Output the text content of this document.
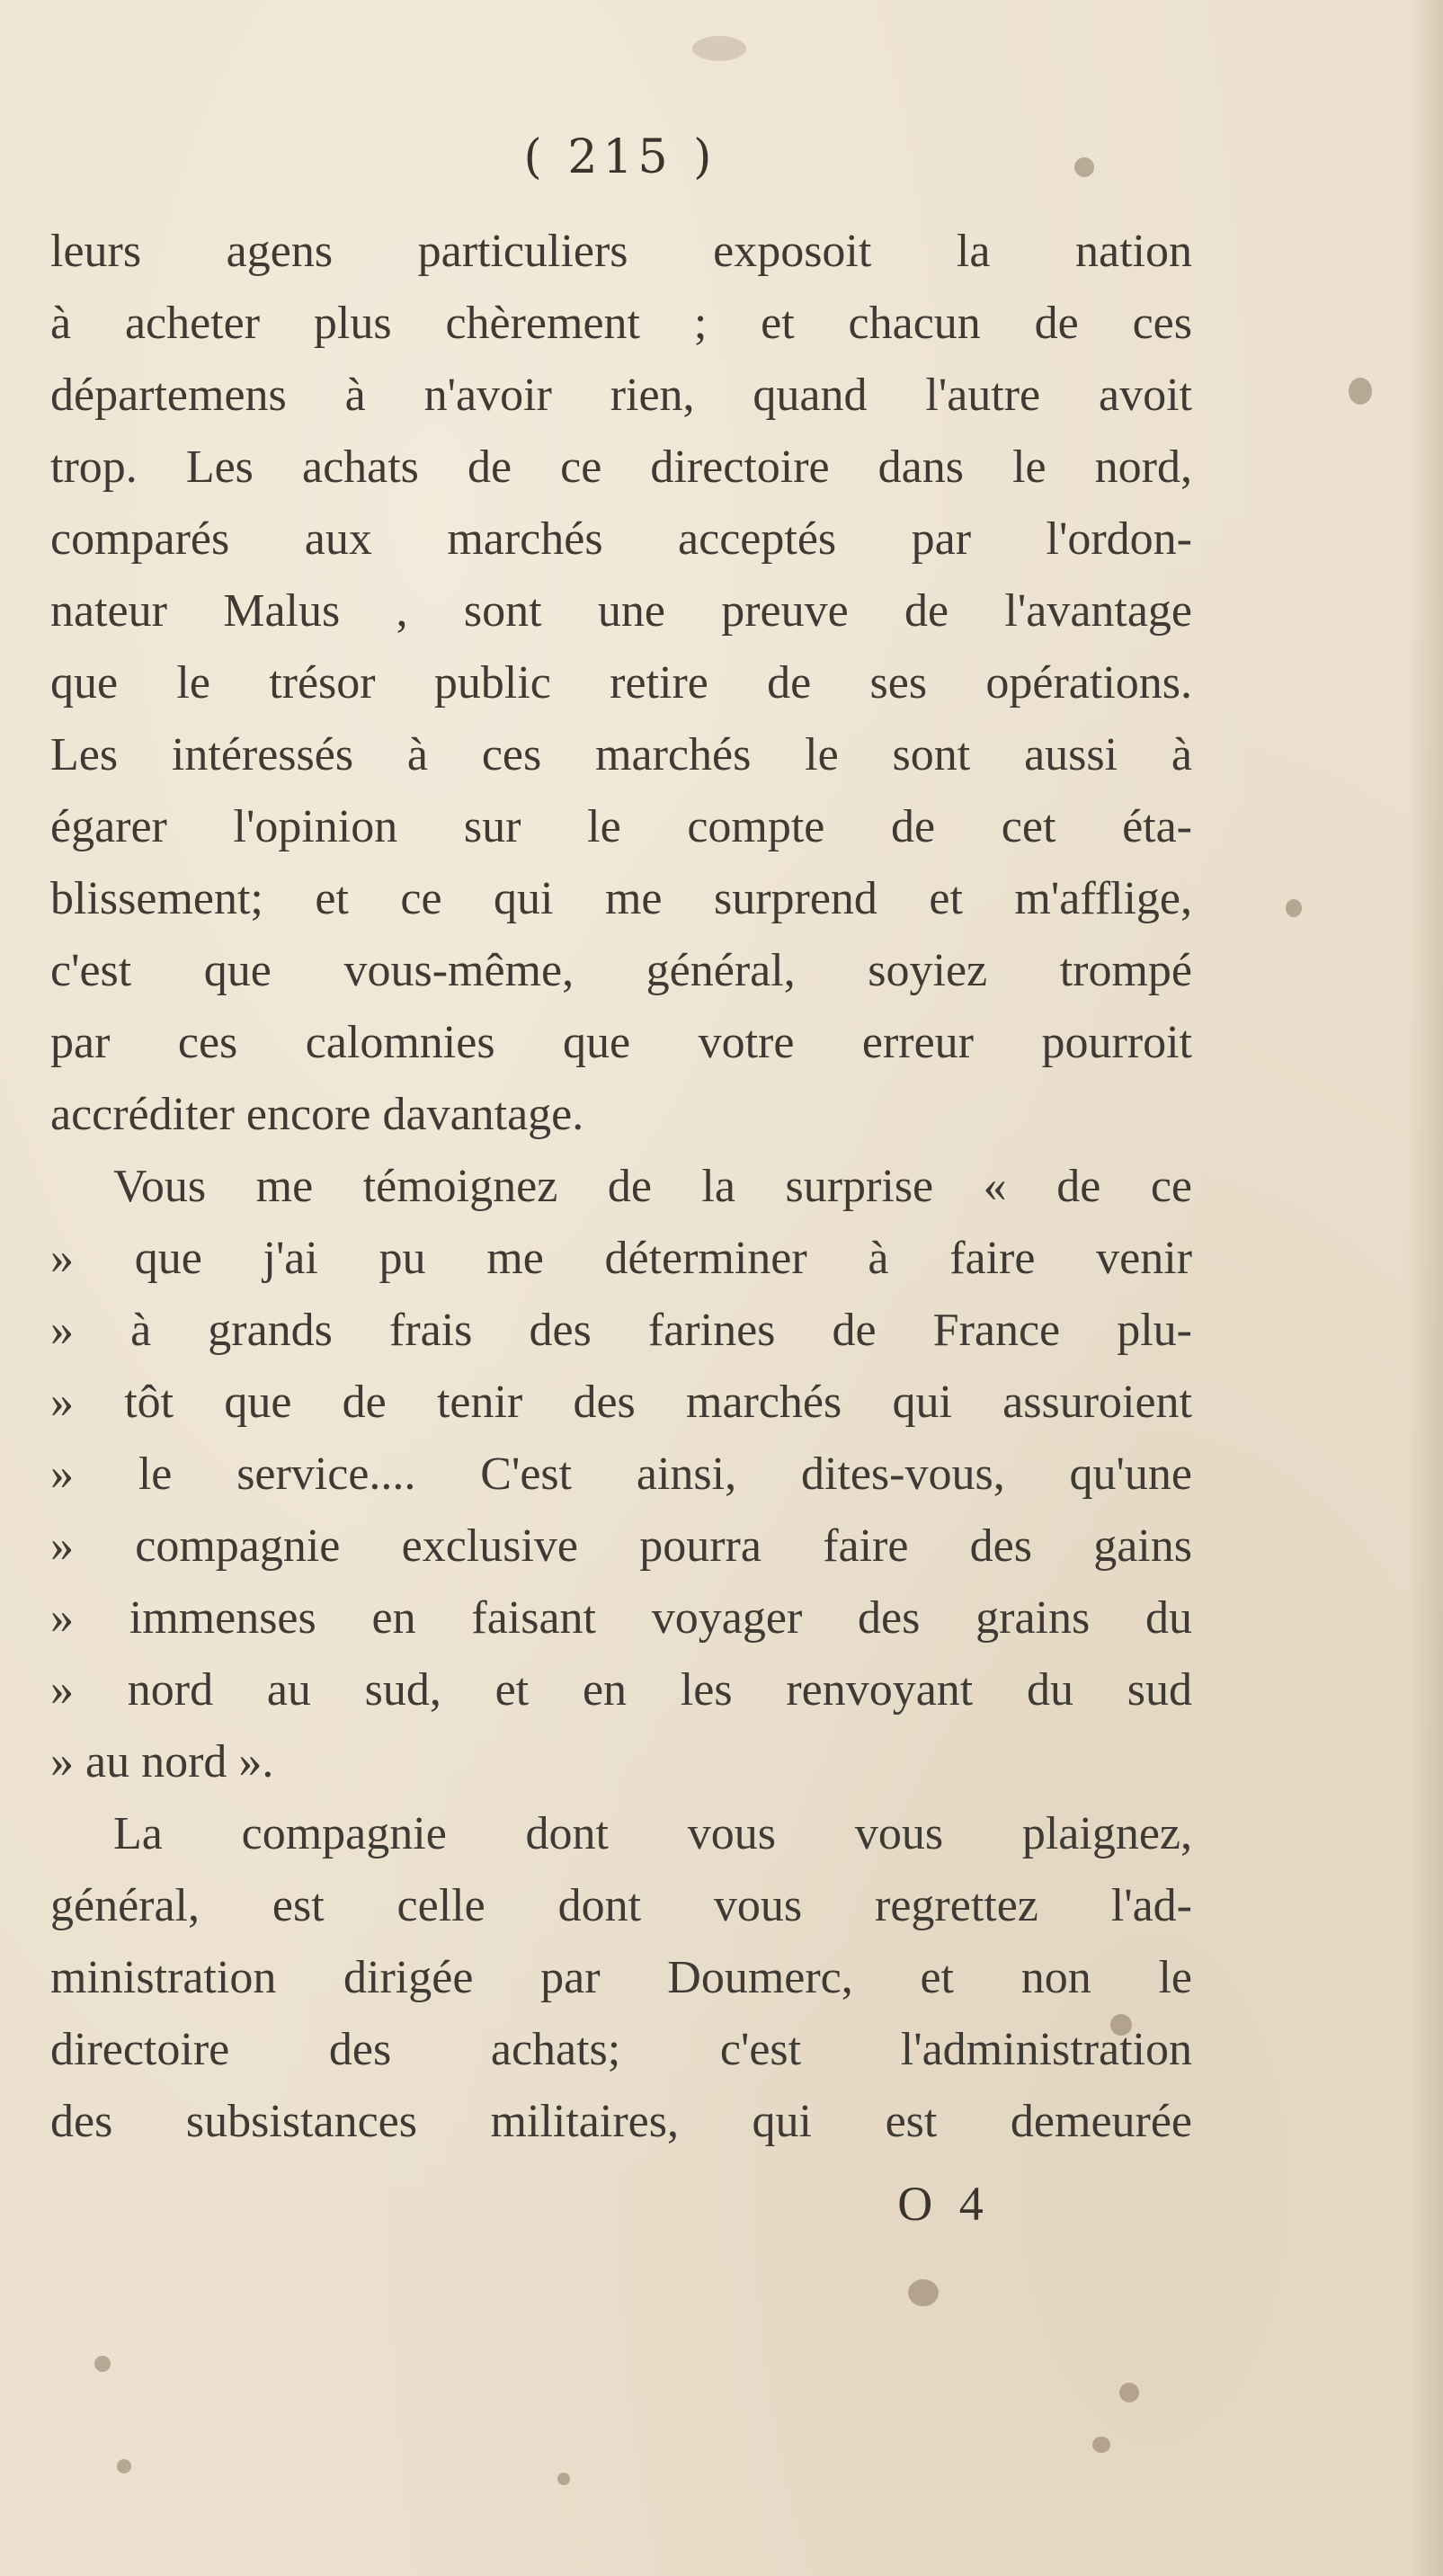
( 215 )
leurs agens particuliers exposoit la nation
à acheter plus chèrement ; et chacun de ces
départemens à n'avoir rien, quand l'autre avoit
trop. Les achats de ce directoire dans le nord,
comparés aux marchés acceptés par l'ordon-
nateur Malus , sont une preuve de l'avantage
que le trésor public retire de ses opérations.
Les intéressés à ces marchés le sont aussi à
égarer l'opinion sur le compte de cet éta-
blissement; et ce qui me surprend et m'afflige,
c'est que vous-même, général, soyiez trompé
par ces calomnies que votre erreur pourroit
accréditer encore davantage.
Vous me témoignez de la surprise « de ce
» que j'ai pu me déterminer à faire venir
» à grands frais des farines de France plu-
» tôt que de tenir des marchés qui assuroient
» le service.... C'est ainsi, dites-vous, qu'une
» compagnie exclusive pourra faire des gains
» immenses en faisant voyager des grains du
» nord au sud, et en les renvoyant du sud
» au nord ».
La compagnie dont vous vous plaignez,
général, est celle dont vous regrettez l'ad-
ministration dirigée par Doumerc, et non le
directoire des achats; c'est l'administration
des subsistances militaires, qui est demeurée
O 4
